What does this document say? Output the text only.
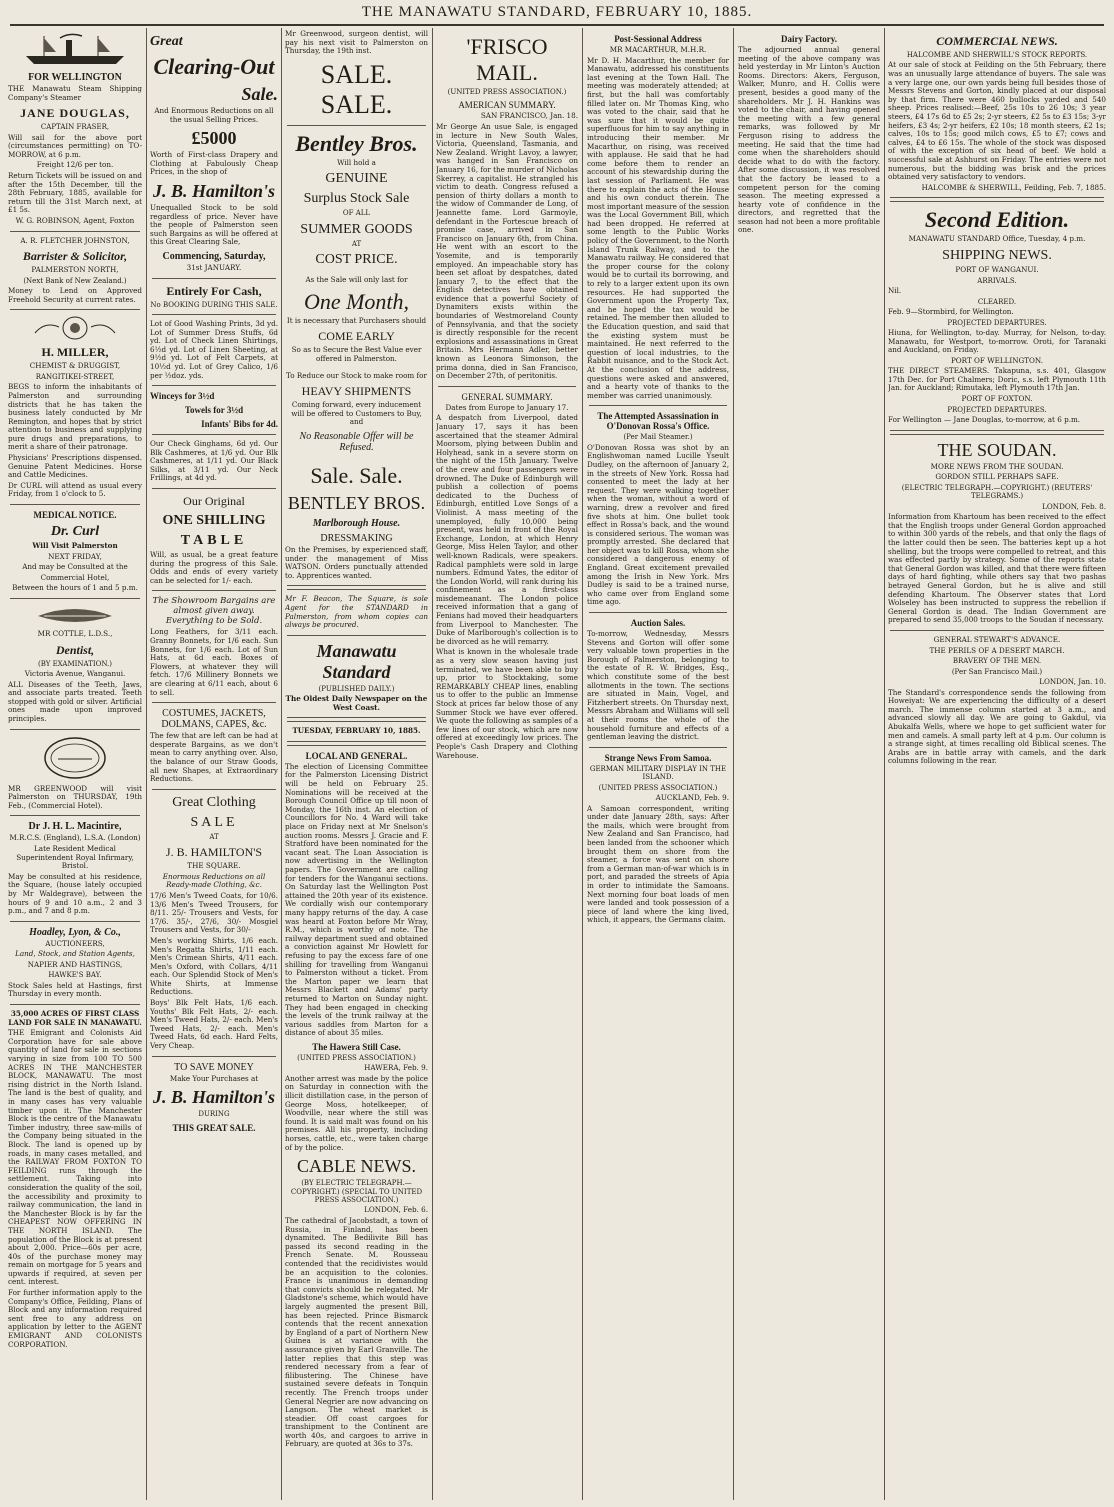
THE MANAWATU STANDARD, FEBRUARY 10, 1885.
FOR WELLINGTON
THE Manawatu Steam Shipping Company's Steamer
JANE DOUGLAS,
CAPTAIN FRASER,
Will sail for the above port (circumstances permitting) on TO-MORROW, at 6 p.m.
Freight 12/6 per ton.
Return Tickets will be issued on and after the 15th December, till the 28th February, 1885, available for return till the 31st March next, at £1 5s.
W. G. ROBINSON, Agent, Foxton
A. R. FLETCHER JOHNSTON,
Barrister & Solicitor,
PALMERSTON NORTH,
(Next Bank of New Zealand.)
Money to Lend on Approved Freehold Security at current rates.
H. MILLER,
CHEMIST & DRUGGIST,
RANGITIKEI-STREET,
BEGS to inform the inhabitants of Palmerston and surrounding districts that he has taken the business lately conducted by Mr Remington, and hopes that by strict attention to business and supplying pure drugs and preparations, to merit a share of their patronage.
Physicians' Prescriptions dispensed. Genuine Patent Medicines. Horse and Cattle Medicines.
Dr CURL will attend as usual every Friday, from 1 o'clock to 5.
MEDICAL NOTICE.
Dr. Curl
Will Visit Palmerston
NEXT FRIDAY,
And may be Consulted at the
Commercial Hotel,
Between the hours of 1 and 5 p.m.
MR COTTLE, L.D.S.,
Dentist,
(BY EXAMINATION.)
Victoria Avenue, Wanganui.
ALL Diseases of the Teeth, Jaws, and associate parts treated. Teeth stopped with gold or silver. Artificial ones made upon improved principles.
MR GREENWOOD will visit Palmerston on THURSDAY, 19th Feb., (Commercial Hotel).
Dr J. H. L. Macintire,
M.R.C.S. (England), L.S.A. (London)
Late Resident Medical Superintendent Royal Infirmary, Bristol.
May be consulted at his residence, the Square, (house lately occupied by Mr Waldegrave), between the hours of 9 and 10 a.m., 2 and 3 p.m., and 7 and 8 p.m.
Hoadley, Lyon, & Co.,
AUCTIONEERS,
Land, Stock, and Station Agents,
NAPIER AND HASTINGS,
HAWKE'S BAY.
Stock Sales held at Hastings, first Thursday in every month.
35,000 ACRES OF FIRST CLASS LAND FOR SALE IN MANAWATU.
THE Emigrant and Colonists Aid Corporation have for sale above quantity of land for sale in sections varying in size from 100 TO 500 ACRES IN THE MANCHESTER BLOCK, MANAWATU. The most rising district in the North Island. The land is the best of quality, and in many cases has very valuable timber upon it. The Manchester Block is the centre of the Manawatu Timber industry, three saw-mills of the Company being situated in the Block. The land is opened up by roads, in many cases metalled, and the RAILWAY FROM FOXTON TO FEILDING runs through the settlement. Taking into consideration the quality of the soil, the accessibility and proximity to railway communication, the land in the Manchester Block is by far the CHEAPEST NOW OFFERING IN THE NORTH ISLAND. The population of the Block is at present about 2,000. Price—60s per acre, 40s of the purchase money may remain on mortgage for 5 years and upwards if required, at seven per cent. interest.
For further information apply to the Company's Office, Feilding, Plans of Block and any information required sent free to any address on application by letter to the AGENT EMIGRANT AND COLONISTS CORPORATION.
Great
Clearing-Out
Sale.
And Enormous Reductions on all the usual Selling Prices.
£5000
Worth of First-class Drapery and Clothing at Fabulously Cheap Prices, in the shop of
J. B. Hamilton's
Unequalled Stock to be sold regardless of price. Never have the people of Palmerston seen such Bargains as will be offered at this Great Clearing Sale,
Commencing, Saturday,
31st JANUARY.
Entirely For Cash,
No BOOKING DURING THIS SALE.
Lot of Good Washing Prints, 3d yd. Lot of Summer Dress Stuffs, 6d yd. Lot of Check Linen Shirtings, 6½d yd. Lot of Linen Sheeting, at 9½d yd. Lot of Felt Carpets, at 10½d yd. Lot of Grey Calico, 1/6 per ½doz. yds.
Winceys for 3½d
Towels for 3½d
Infants' Bibs for 4d.
Our Check Ginghams, 6d yd. Our Blk Cashmeres, at 1/6 yd. Our Blk Cashmeres, at 1/11 yd. Our Black Silks, at 3/11 yd. Our Neck Frillings, at 4d yd.
Our Original
ONE SHILLING
TABLE
Will, as usual, be a great feature during the progress of this Sale. Odds and ends of every variety can be selected for 1/- each.
The Showroom Bargains are almost given away. Everything to be Sold.
Long Feathers, for 3/11 each. Granny Bonnets, for 1/6 each. Sun Bonnets, for 1/6 each. Lot of Sun Hats, at 6d each. Boxes of Flowers, at whatever they will fetch. 17/6 Millinery Bonnets we are clearing at 6/11 each, about 6 to sell.
COSTUMES, JACKETS, DOLMANS, CAPES, &c.
The few that are left can be had at desperate Bargains, as we don't mean to carry anything over. Also, the balance of our Straw Goods, all new Shapes, at Extraordinary Reductions.
Great Clothing
SALE
AT
J. B. HAMILTON'S
THE SQUARE.
Enormous Reductions on all Ready-made Clothing, &c.
17/6 Men's Tweed Coats, for 10/6. 13/6 Men's Tweed Trousers, for 8/11. 25/- Trousers and Vests, for 17/6. 35/-, 27/6, 30/- Mosgiel Trousers and Vests, for 30/-
Men's working Shirts, 1/6 each. Men's Regatta Shirts, 1/11 each. Men's Crimean Shirts, 4/11 each. Men's Oxford, with Collars, 4/11 each. Our Splendid Stock of Men's White Shirts, at Immense Reductions.
Boys' Blk Felt Hats, 1/6 each. Youths' Blk Felt Hats, 2/- each. Men's Tweed Hats, 2/- each. Men's Tweed Hats, 2/- each. Men's Tweed Hats, 6d each. Hard Felts, Very Cheap.
TO SAVE MONEY
Make Your Purchases at
J. B. Hamilton's
DURING
THIS GREAT SALE.
Mr Greenwood, surgeon dentist, will pay his next visit to Palmerston on Thursday, the 19th inst.
SALE. SALE.
Bentley Bros.
Will hold a
GENUINE
Surplus Stock Sale
OF ALL
SUMMER GOODS
AT
COST PRICE.
As the Sale will only last for
One Month,
It is necessary that Purchasers should
COME EARLY
So as to Secure the Best Value ever offered in Palmerston.
To Reduce our Stock to make room for
HEAVY SHIPMENTS
Coming forward, every inducement will be offered to Customers to Buy, and
No Reasonable Offer will be Refused.
Sale. Sale.
BENTLEY BROS.
Marlborough House.
DRESSMAKING
On the Premises, by experienced staff, under the management of Miss WATSON. Orders punctually attended to. Apprentices wanted.
Mr F. Beacon, The Square, is sole Agent for the STANDARD in Palmerston, from whom copies can always be procured.
Manawatu Standard
(PUBLISHED DAILY.)
The Oldest Daily Newspaper on the West Coast.
TUESDAY, FEBRUARY 10, 1885.
LOCAL AND GENERAL.
The election of Licensing Committee for the Palmerston Licensing District will be held on February 25. Nominations will be received at the Borough Council Office up till noon of Monday, the 16th inst. An election of Councillors for No. 4 Ward will take place on Friday next at Mr Snelson's auction rooms. Messrs J. Gracie and F. Stratford have been nominated for the vacant seat. The Loan Association is now advertising in the Wellington papers. The Government are calling for tenders for the Wanganui sections. On Saturday last the Wellington Post attained the 20th year of its existence. We cordially wish our contemporary many happy returns of the day. A case was heard at Foxton before Mr Wray, R.M., which is worthy of note. The railway department sued and obtained a conviction against Mr Howlett for refusing to pay the excess fare of one shilling for travelling from Wanganui to Palmerston without a ticket. From the Marton paper we learn that Messrs Blackett and Adams' party returned to Marton on Sunday night. They had been engaged in checking the levels of the trunk railway at the various saddles from Marton for a distance of about 35 miles.
The Hawera Still Case.
(UNITED PRESS ASSOCIATION.)
HAWERA, Feb. 9.
Another arrest was made by the police on Saturday in connection with the illicit distillation case, in the person of George Moss, hotelkeeper, of Woodville, near where the still was found. It is said malt was found on his premises. All his property, including horses, cattle, etc., were taken charge of by the police.
CABLE NEWS.
(BY ELECTRIC TELEGRAPH.—COPYRIGHT.) (SPECIAL TO UNITED PRESS ASSOCIATION.)
LONDON, Feb. 6.
The cathedral of Jacobstadt, a town of Russia, in Finland, has been dynamited. The Bedilivite Bill has passed its second reading in the French Senate. M. Rousseau contended that the recidivistes would be an acquisition to the colonies. France is unanimous in demanding that convicts should be relegated. Mr Gladstone's scheme, which would have largely augmented the present Bill, has been rejected. Prince Bismarck contends that the recent annexation by England of a part of Northern New Guinea is at variance with the assurance given by Earl Granville. The latter replies that this step was rendered necessary from a fear of filibustering. The Chinese have sustained severe defeats in Tonquin recently. The French troops under General Negrier are now advancing on Langson. The wheat market is steadier. Off coast cargoes for transhipment to the Continent are worth 40s, and cargoes to arrive in February, are quoted at 36s to 37s.
'FRISCO MAIL.
(UNITED PRESS ASSOCIATION.)
AMERICAN SUMMARY.
SAN FRANCISCO, Jan. 18.
Mr George An usue Sale, is engaged in lecture in New South Wales, Victoria, Queensland, Tasmania, and New Zealand. Wright Lavoy, a lawyer, was hanged in San Francisco on January 16, for the murder of Nicholas Skerrey, a capitalist. He strangled his victim to death. Congress refused a pension of thirty dollars a month to the widow of Commander de Long, of Jeannette fame. Lord Garmoyle, defendant in the Fortescue breach of promise case, arrived in San Francisco on January 6th, from China. He went with an escort to the Yosemite, and is temporarily employed. An impeachable story has been set afloat by despatches, dated January 7, to the effect that the English detectives have obtained evidence that a powerful Society of Dynamiters exists within the boundaries of Westmoreland County of Pennsylvania, and that the society is directly responsible for the recent explosions and assassinations in Great Britain. Mrs Hermann Adler, better known as Leonora Simonson, the prima donna, died in San Francisco, on December 27th, of peritonitis.
GENERAL SUMMARY.
Dates from Europe to January 17.
A despatch from Liverpool, dated January 17, says it has been ascertained that the steamer Admiral Moorsom, plying between Dublin and Holyhead, sank in a severe storm on the night of the 15th January. Twelve of the crew and four passengers were drowned. The Duke of Edinburgh will publish a collection of poems dedicated to the Duchess of Edinburgh, entitled Love Songs of a Violinist. A mass meeting of the unemployed, fully 10,000 being present, was held in front of the Royal Exchange, London, at which Henry George, Miss Helen Taylor, and other well-known Radicals, were speakers. Radical pamphlets were sold in large numbers. Edmund Yates, the editor of the London World, will rank during his confinement as a first-class misdemeanant. The London police received information that a gang of Fenians had moved their headquarters from Liverpool to Manchester. The Duke of Marlborough's collection is to be divorced as he will remarry.
What is known in the wholesale trade as a very slow season having just terminated, we have been able to buy up, prior to Stocktaking, some REMARKABLY CHEAP lines, enabling us to offer to the public an Immense Stock at prices far below those of any Summer Stock we have ever offered. We quote the following as samples of a few lines of our stock, which are now offered at exceedingly low prices. The People's Cash Drapery and Clothing Warehouse.
Post-Sessional Address
MR MACARTHUR, M.H.R.
Mr D. H. Macarthur, the member for Manawatu, addressed his constituents last evening at the Town Hall. The meeting was moderately attended; at first, but the hall was comfortably filled later on. Mr Thomas King, who was voted to the chair, said that he was sure that it would be quite superfluous for him to say anything in introducing their member. Mr Macarthur, on rising, was received with applause. He said that he had come before them to render an account of his stewardship during the last session of Parliament. He was there to explain the acts of the House and his own conduct therein. The most important measure of the session was the Local Government Bill, which had been dropped. He referred at some length to the Public Works policy of the Government, to the North Island Trunk Railway, and to the Manawatu railway. He considered that the proper course for the colony would be to curtail its borrowing, and to rely to a larger extent upon its own resources. He had supported the Government upon the Property Tax, and he hoped the tax would be retained. The member then alluded to the Education question, and said that the existing system must be maintained. He next referred to the question of local industries, to the Rabbit nuisance, and to the Stock Act. At the conclusion of the address, questions were asked and answered, and a hearty vote of thanks to the member was carried unanimously.
The Attempted Assassination in O'Donovan Rossa's Office.
(Per Mail Steamer.)
O'Donovan Rossa was shot by an Englishwoman named Lucille Yseult Dudley, on the afternoon of January 2, in the streets of New York. Rossa had consented to meet the lady at her request. They were walking together when the woman, without a word of warning, drew a revolver and fired five shots at him. One bullet took effect in Rossa's back, and the wound is considered serious. The woman was promptly arrested. She declared that her object was to kill Rossa, whom she considered a dangerous enemy of England. Great excitement prevailed among the Irish in New York. Mrs Dudley is said to be a trained nurse, who came over from England some time ago.
Auction Sales.
To-morrow, Wednesday, Messrs Stevens and Gorton will offer some very valuable town properties in the Borough of Palmerston, belonging to the estate of R. W. Bridges, Esq., which constitute some of the best allotments in the town. The sections are situated in Main, Vogel, and Fitzherbert streets. On Thursday next, Messrs Abraham and Williams will sell at their rooms the whole of the household furniture and effects of a gentleman leaving the district.
Strange News From Samoa.
GERMAN MILITARY DISPLAY IN THE ISLAND.
(UNITED PRESS ASSOCIATION.)
AUCKLAND, Feb. 9.
A Samoan correspondent, writing under date January 28th, says: After the mails, which were brought from New Zealand and San Francisco, had been landed from the schooner which brought them on shore from the steamer, a force was sent on shore from a German man-of-war which is in port, and paraded the streets of Apia in order to intimidate the Samoans. Next morning four boat loads of men were landed and took possession of a piece of land where the king lived, which, it appears, the Germans claim.
Dairy Factory.
The adjourned annual general meeting of the above company was held yesterday in Mr Linton's Auction Rooms. Directors: Akers, Ferguson, Walker, Munro, and H. Collis were present, besides a good many of the shareholders. Mr J. H. Hankins was voted to the chair, and having opened the meeting with a few general remarks, was followed by Mr Ferguson rising to address the meeting. He said that the time had come when the shareholders should decide what to do with the factory. After some discussion, it was resolved that the factory be leased to a competent person for the coming season. The meeting expressed a hearty vote of confidence in the directors, and regretted that the season had not been a more profitable one.
COMMERCIAL NEWS.
HALCOMBE AND SHERWILL'S STOCK REPORTS.
At our sale of stock at Feilding on the 5th February, there was an unusually large attendance of buyers. The sale was a very large one, our own yards being full besides those of Messrs Stevens and Gorton, kindly placed at our disposal by that firm. There were 460 bullocks yarded and 540 sheep. Prices realised:—Beef, 25s 10s to 26 10s; 3 year steers, £4 17s 6d to £5 2s; 2-yr steers, £2 5s to £3 15s; 3-yr heifers, £3 4s; 2-yr heifers, £2 10s; 18 month steers, £2 1s; calves, 10s to 15s; good milch cows, £5 to £7; cows and calves, £4 to £6 15s. The whole of the stock was disposed of with the exception of six head of beef. We hold a successful sale at Ashhurst on Friday. The entries were not numerous, but the bidding was brisk and the prices obtained very satisfactory to vendors.
HALCOMBE & SHERWILL, Feilding, Feb. 7, 1885.
Second Edition.
MANAWATU STANDARD Office, Tuesday, 4 p.m.
SHIPPING NEWS.
PORT OF WANGANUI.
ARRIVALS.
Nil.
CLEARED.
Feb. 9—Stormbird, for Wellington.
PROJECTED DEPARTURES.
Hiuna, for Wellington, to-day. Murray, for Nelson, to-day. Manawatu, for Westport, to-morrow. Oroti, for Taranaki and Auckland, on Friday.
PORT OF WELLINGTON.
THE DIRECT STEAMERS. Takapuna, s.s. 401, Glasgow 17th Dec. for Port Chalmers; Doric, s.s. left Plymouth 11th Jan. for Auckland; Rimutaka, left Plymouth 17th Jan.
PORT OF FOXTON.
PROJECTED DEPARTURES.
For Wellington — Jane Douglas, to-morrow, at 6 p.m.
THE SOUDAN.
MORE NEWS FROM THE SOUDAN.
GORDON STILL PERHAPS SAFE.
(ELECTRIC TELEGRAPH.—COPYRIGHT.) (REUTERS' TELEGRAMS.)
LONDON, Feb. 8.
Information from Khartoum has been received to the effect that the English troops under General Gordon approached to within 300 yards of the rebels, and that only the flags of the latter could then be seen. The batteries kept up a hot shelling, but the troops were compelled to retreat, and this was effected partly by strategy. Some of the reports state that General Gordon was killed, and that there were fifteen days of hard fighting, while others say that two pashas betrayed General Gordon, but he is alive and still defending Khartoum. The Observer states that Lord Wolseley has been instructed to suppress the rebellion if General Gordon is dead. The Indian Government are prepared to send 35,000 troops to the Soudan if necessary.
GENERAL STEWART'S ADVANCE.
THE PERILS OF A DESERT MARCH.
BRAVERY OF THE MEN.
(Per San Francisco Mail.)
LONDON, Jan. 10.
The Standard's correspondence sends the following from Howeiyat: We are experiencing the difficulty of a desert march. The immense column started at 3 a.m., and advanced slowly all day. We are going to Gakdul, via Abukalfa Wells, where we hope to get sufficient water for men and camels. A small party left at 4 p.m. Our column is a strange sight, at times recalling old Biblical scenes. The Arabs are in battle array with camels, and the dark columns following in the rear.
